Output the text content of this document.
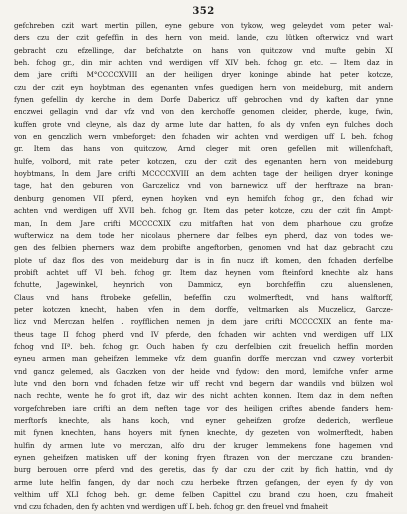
352
gefchreben czit wart mertin pillen, eyne gebure von tykow, weg geleydet vom peter wal-
ders czu der czit gefeffin in des hern von meid. lande, czu lütken ofterwicz vnd wart
gebracht czu efzellinge, dar befchatzte on hans von quitczow vnd mufte gebin XI
beh. fchog gr., din mir achten vnd werdigen vff XIV beh. fchog gr. etc. — Item daz in
dem jare crifti M°CCCCXVIII an der heiligen dryer koninge abinde hat peter kotcze,
czu der czit eyn hoybtman des egenanten vnfes guedigen hern von meideburg, mit andern
fynen gefellin dy kerche in dem Dorfe Dabericz uff gebrochen vnd dy kaften dar ynne
enczwei gellagin vnd dar vfz vnd von den kerchoffe genomen cleider, pherde, kuge, fwin,
kuffen grote vnd cleyne, als daz dy arme lute dar hatten, fo als dy vnfen eyn fulches doch
von en genczlich wern vmbeforget: den fchaden wir achten vnd werdigen uff L beh. fchog
gr. Item das hans von quitczow, Arnd cleger mit oren gefellen mit willenfchaft,
hulfe, volbord, mit rate peter kotczen, czu der czit des egenanten hern von meideburg
hoybtmans, In dem Jare crifti MCCCCXVIII an dem achten tage der heiligen dryer koninge
tage, hat den geburen von Garczelicz vnd von barnewicz uff der herftraze na bran-
denburg genomen VII pferd, eynen hoyken vnd eyn hemifch fchog gr., den fchad wir
achten vnd werdigen uff XVII beh. fchog gr. Item das peter kotcze, czu der czit fin Ampt-
man, In dem Jare crifti MCCCCXIX czu mitfaften hat von dem pharhoue czu grofze
wufterwicz na dem tode her nicolaus phernere dar felbes eyn pherd, daz von todes we-
gen des felbien pherners waz dem probifte angeftorben, genomen vnd hat daz gebracht czu
plote uf daz flos des von meideburg dar is in fin nucz ift komen, den fchaden derfelbe
probift achtet uff VI beh. fchog gr. Item daz heynen vom fteinford knechte alz hans
fchutte, Jagewinkel, heynrich von Dammicz, eyn borchfeffin czu aluenslenen,
Claus vnd hans ftrobeke gefellin, befeffin czu wolmerftedt, vnd hans walftorff,
peter kotczen knecht, haben vfen in dem dorffe, veltmarken als Muczelicz, Garcze-
licz vnd Merczan helfen . royfflichen nemen jn dem jare crifti MCCCCXIX an fente ma-
theus tage II fchog pherd vnd IV pferde, den fchaden wir achten vnd werdigen uff LIX
fchog vnd IIª. beh. fchog gr. Ouch haben fy czu derfelbien czit freuelich heffin morden
eyneu armen man geheifzen lemmeke vfz dem guanfin dorffe merczan vnd czwey vorterbit
vnd gancz gelemed, als Gaczken von der heide vnd fydow: den mord, lemifche vnfer arme
lute vnd den born vnd fchaden fetze wir uff recht vnd begern dar wandils vnd bülzen wol
nach rechte, wente he fo grot ift, daz wir des nicht achten konnen. Item daz in dem neften
vorgefchreben iare crifti an dem neften tage vor des heiligen criftes abende fanders hem-
merftorfs knechte, als hans koch, vnd eyner geheifzen grofze dederich, werfleue
mit fynen knechten, hans hoyers mit fynen knechte, dy gezeten von wolmerftedt, haben
hulfin dy armen lute vo merczan, alfo dru der kruger lemmekens fone hagemen vnd
eynen geheifzen matisken uff der koning fryen ftrazen von der merczane czu branden-
burg berouen orre pferd vnd des geretis, das fy dar czu der czit by fich hattin, vnd dy
arme lute helfin fangen, dy dar noch czu herbeke ftrzen gefangen, der eyen fy dy von
velthim uff XLI fchog beh. gr. deme felben Capittel czu brand czu hoen, czu fmaheit
vnd czu fchaden, den fy achten vnd werdigen uff L beh. fchog gr. den freuel vnd fmaheit
